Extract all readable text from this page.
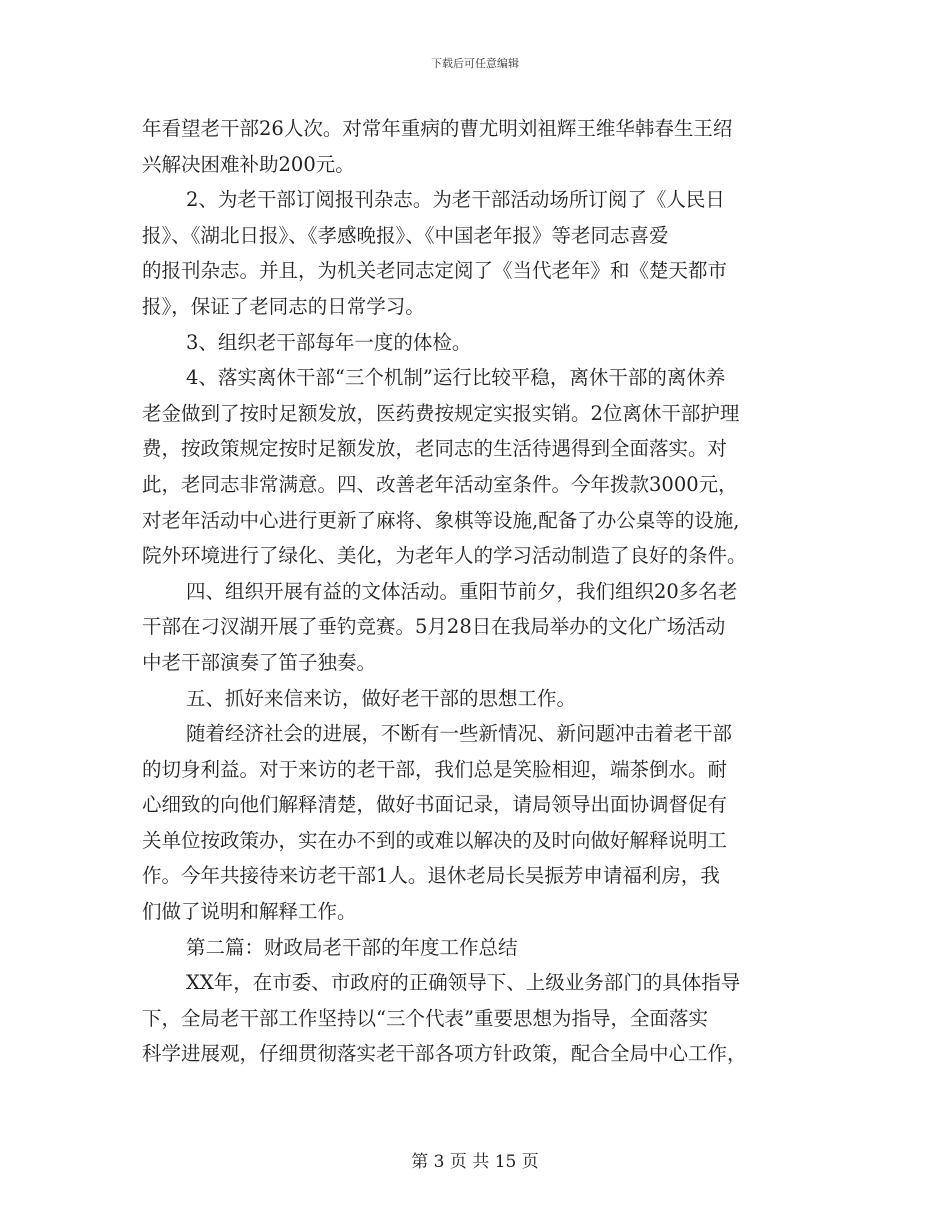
下载后可任意编辑
年看望老干部26人次。对常年重病的曹尤明刘祖辉王维华韩春生王绍
兴解决困难补助200元。
2、为老干部订阅报刊杂志。为老干部活动场所订阅了《人民日
报》、《湖北日报》、《孝感晚报》、《中国老年报》等老同志喜爱
的报刊杂志。并且，为机关老同志定阅了《当代老年》和《楚天都市
报》，保证了老同志的日常学习。
3、组织老干部每年一度的体检。
4、落实离休干部“三个机制”运行比较平稳，离休干部的离休养
老金做到了按时足额发放，医药费按规定实报实销。2位离休干部护理
费，按政策规定按时足额发放，老同志的生活待遇得到全面落实。对
此，老同志非常满意。四、改善老年活动室条件。今年拨款3000元，
对老年活动中心进行更新了麻将、象棋等设施,配备了办公桌等的设施,
院外环境进行了绿化、美化，为老年人的学习活动制造了良好的条件。
四、组织开展有益的文体活动。重阳节前夕，我们组织20多名老
干部在刁汊湖开展了垂钓竞赛。5月28日在我局举办的文化广场活动
中老干部演奏了笛子独奏。
五、抓好来信来访，做好老干部的思想工作。
随着经济社会的进展，不断有一些新情况、新问题冲击着老干部
的切身利益。对于来访的老干部，我们总是笑脸相迎，端茶倒水。耐
心细致的向他们解释清楚，做好书面记录，请局领导出面协调督促有
关单位按政策办，实在办不到的或难以解决的及时向做好解释说明工
作。今年共接待来访老干部1人。退休老局长吴振芳申请福利房，我
们做了说明和解释工作。
第二篇：财政局老干部的年度工作总结
XX年，在市委、市政府的正确领导下、上级业务部门的具体指导
下，全局老干部工作坚持以“三个代表”重要思想为指导，全面落实
科学进展观，仔细贯彻落实老干部各项方针政策，配合全局中心工作，
第 3 页 共 15 页
